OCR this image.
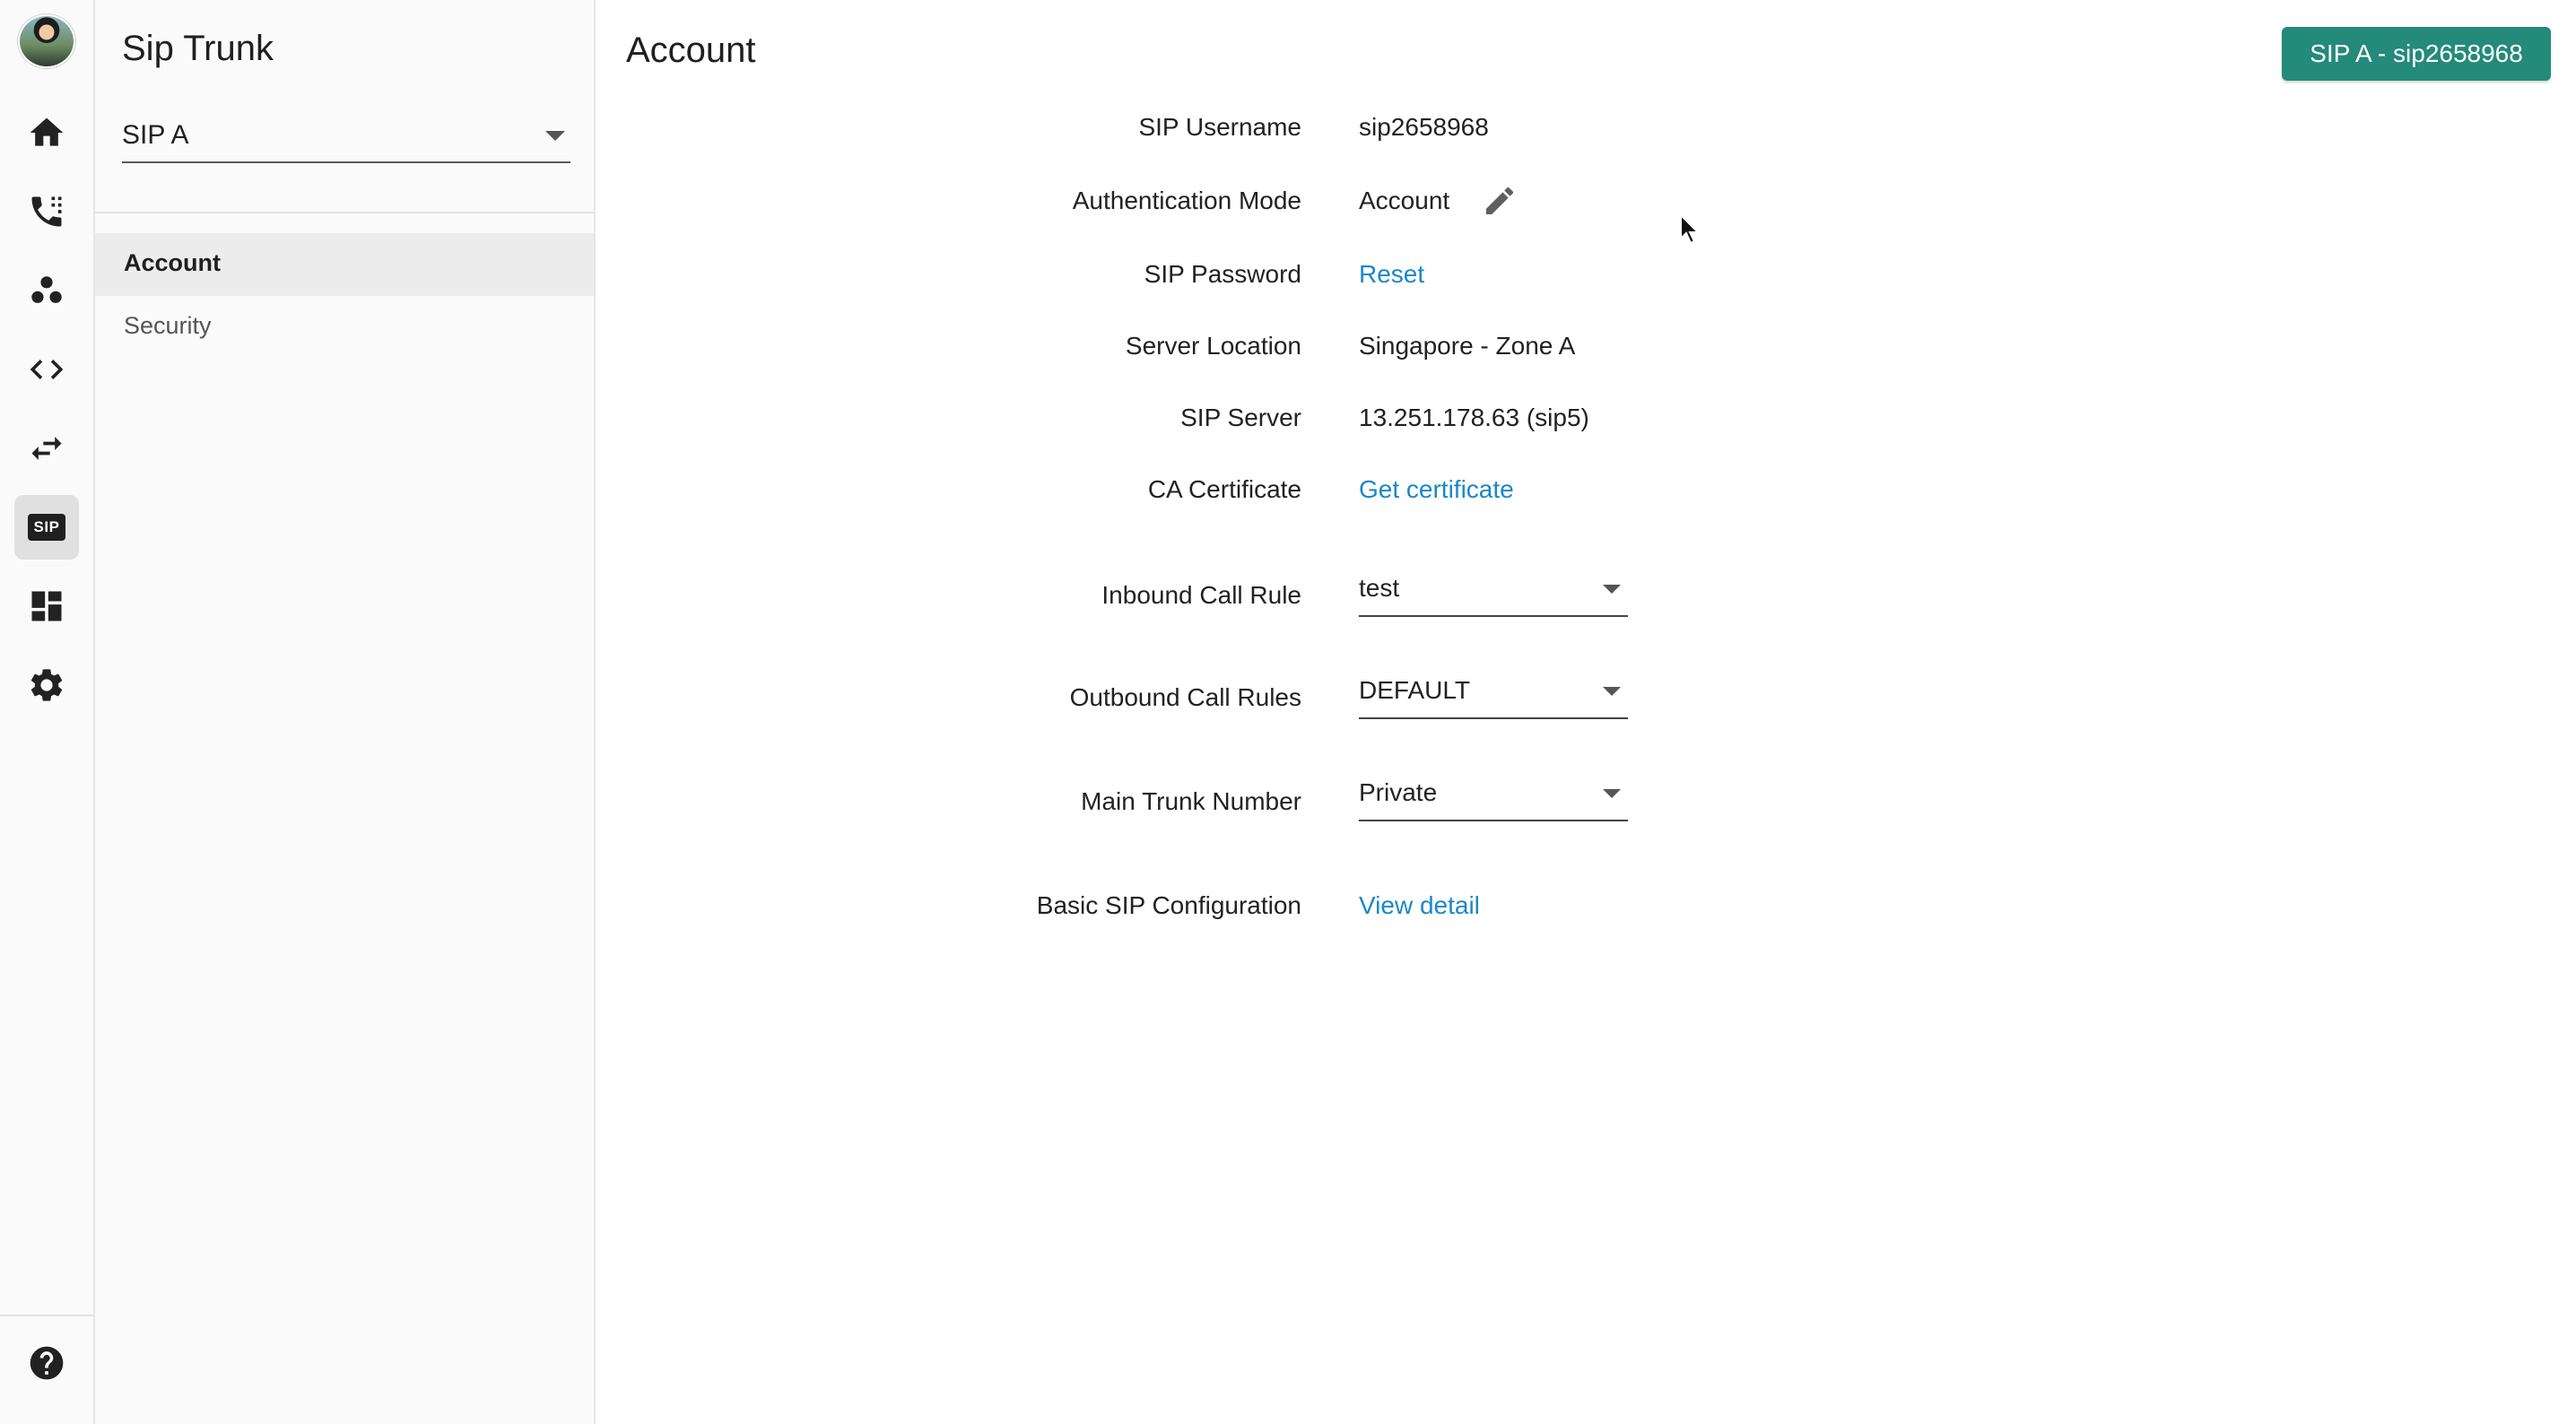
SIP
Sip Trunk
SIP A
Account
Security
Account	SIP A - sip2658968
SIP Username sip2658968
Authentication Mode Account
SIP Password Reset
Server Location Singapore - Zone A
SIP Server 13.251.178.63 (sip5)
CA Certificate Get certificate
Inbound Call Rule test
Outbound Call Rules DEFAULT
Main Trunk Number Private
Basic SIP Configuration View detail
